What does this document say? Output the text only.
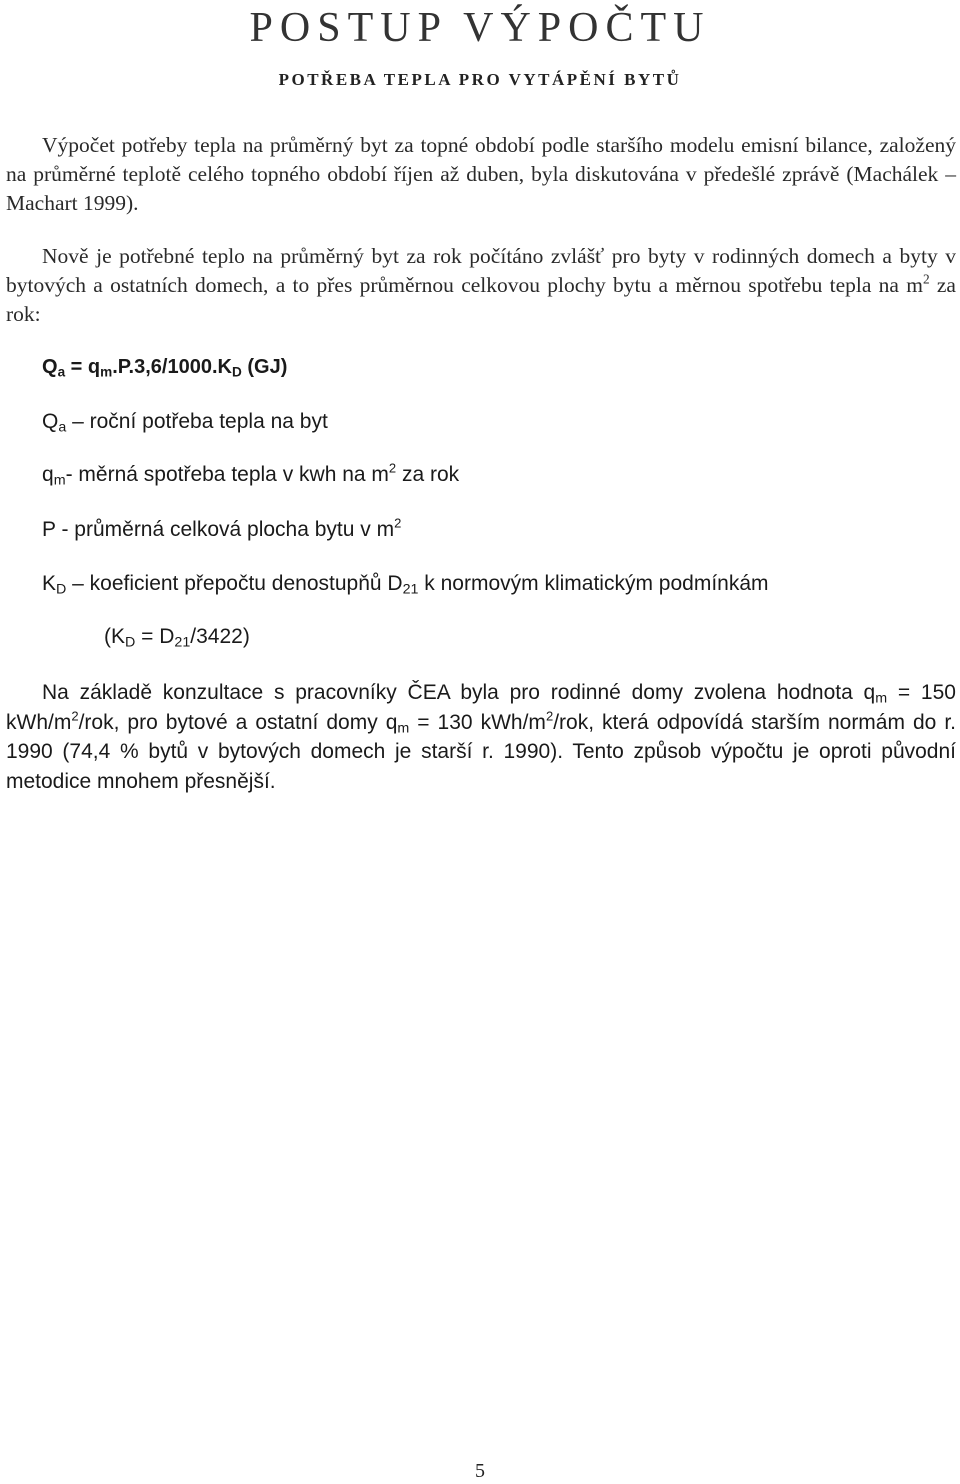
POSTUP VÝPOČTU
POTŘEBA TEPLA PRO VYTÁPĚNÍ BYTŮ
Výpočet potřeby tepla na průměrný byt za topné období podle staršího modelu emisní bilance, založený na průměrné teplotě celého topného období říjen až duben, byla diskutována v předešlé zprávě (Machálek – Machart 1999).
Nově je potřebné teplo na průměrný byt za rok počítáno zvlášť pro byty v rodinných domech a byty v bytových a ostatních domech, a to přes průměrnou celkovou plochy bytu a měrnou spotřebu tepla na $m^2$ za rok:
$Q_a = q_m.P.3,6/1000.K_D$ (GJ)
$Q_a$ – roční potřeba tepla na byt
$q_m-$ měrná spotřeba tepla v kwh na $m^2$ za rok
P - průměrná celková plocha bytu v $m^2$
$K_D$ – koeficient přepočtu denostupňů $D_{21}$ k normovým klimatickým podmínkám
$(K_D = D_{21}/3422)$
Na základě konzultace s pracovníky ČEA byla pro rodinné domy zvolena hodnota $q_m = 150$ kWh/$m^2$/rok, pro bytové a ostatní domy $q_m = 130$ kWh/$m^2$/rok, která odpovídá starším normám do r. 1990 (74,4 % bytů v bytových domech je starší r. 1990). Tento způsob výpočtu je oproti původní metodice mnohem přesnější.
5
